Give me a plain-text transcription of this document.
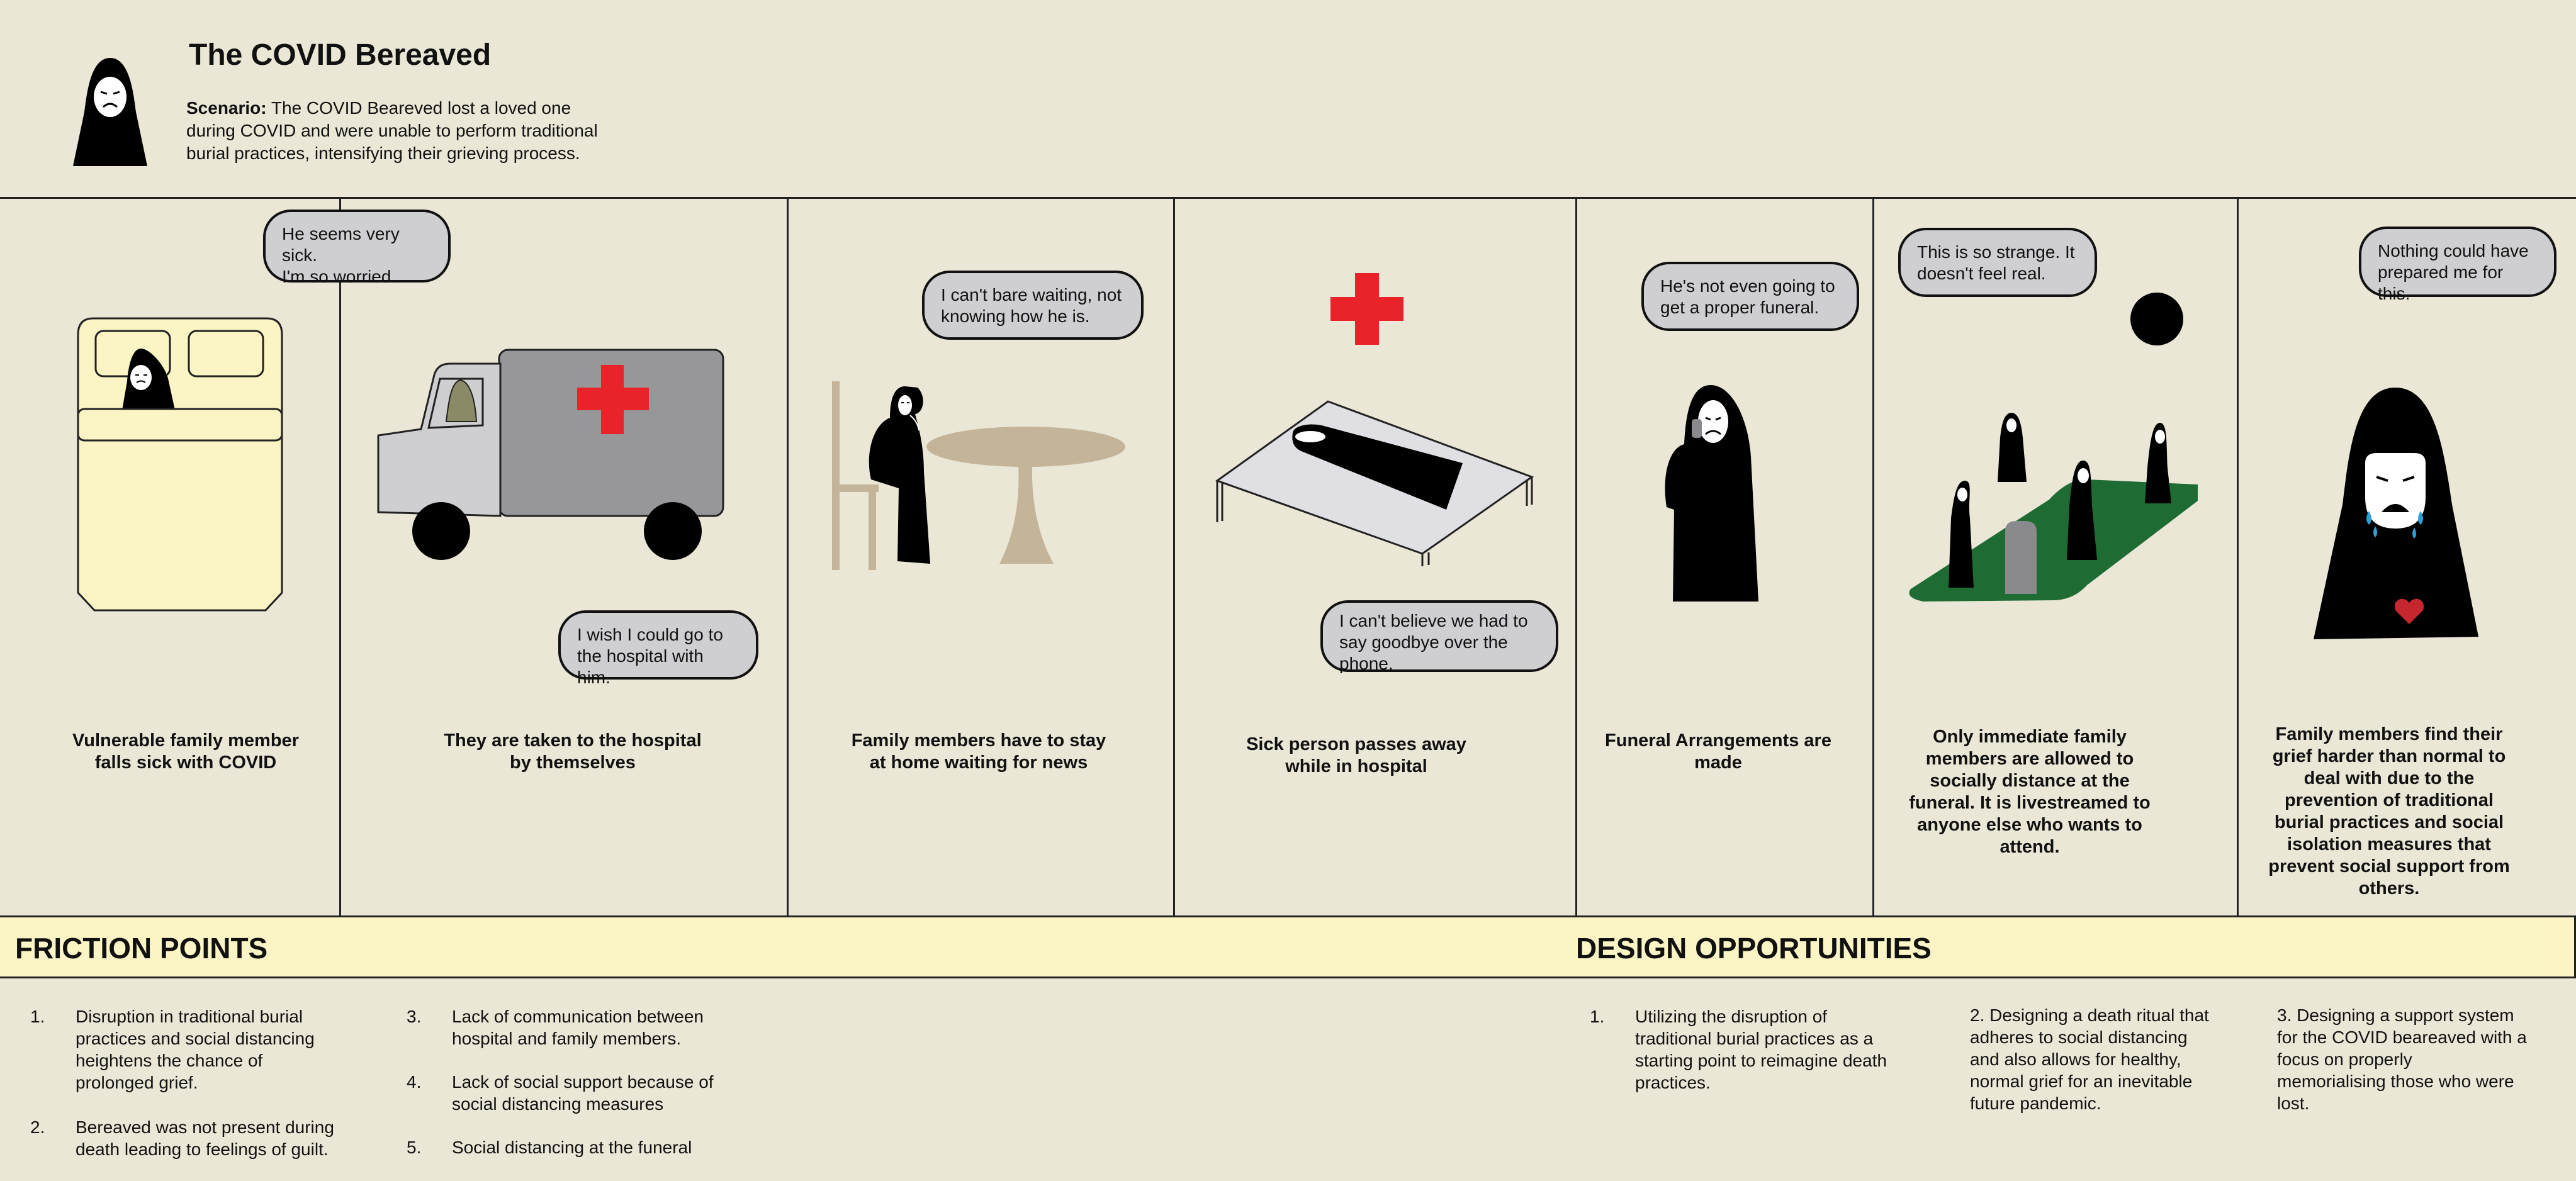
The COVID Bereaved
Scenario: The COVID Beareved lost a loved one
during COVID and were unable to perform traditional
burial practices, intensifying their grieving process.
He seems very sick.
I'm so worried.
Vulnerable family member
falls sick with COVID
I wish I could go to
the hospital with him.
They are taken to the hospital
by themselves
I can't bare waiting, not
knowing how he is.
Family members have to stay
at home waiting for news
I can't believe we had to
say goodbye over the
phone.
Sick person passes away
while in hospital
He's not even going to
get a proper funeral.
Funeral Arrangements are
made
This is so strange. It
doesn't feel real.
Only immediate family
members are allowed to
socially distance at the
funeral. It is livestreamed to
anyone else who wants to
attend.
Nothing could have
prepared me for this.
Family members find their
grief harder than normal to
deal with due to the
prevention of traditional
burial practices and social
isolation measures that
prevent social support from
others.
FRICTION POINTS	DESIGN OPPORTUNITIES
1. Disruption in traditional burial
practices and social distancing
heightens the chance of
prolonged grief.
2. Bereaved was not present during
death leading to feelings of guilt.
3. Lack of communication between
hospital and family members.
4. Lack of social support because of
social distancing measures
5. Social distancing at the funeral
1. Utilizing the disruption of
traditional burial practices as a
starting point to reimagine death
practices.
2. Designing a death ritual that
adheres to social distancing
and also allows for healthy,
normal grief for an inevitable
future pandemic.
3. Designing a support system
for the COVID beareaved with a
focus on properly
memorialising those who were
lost.
